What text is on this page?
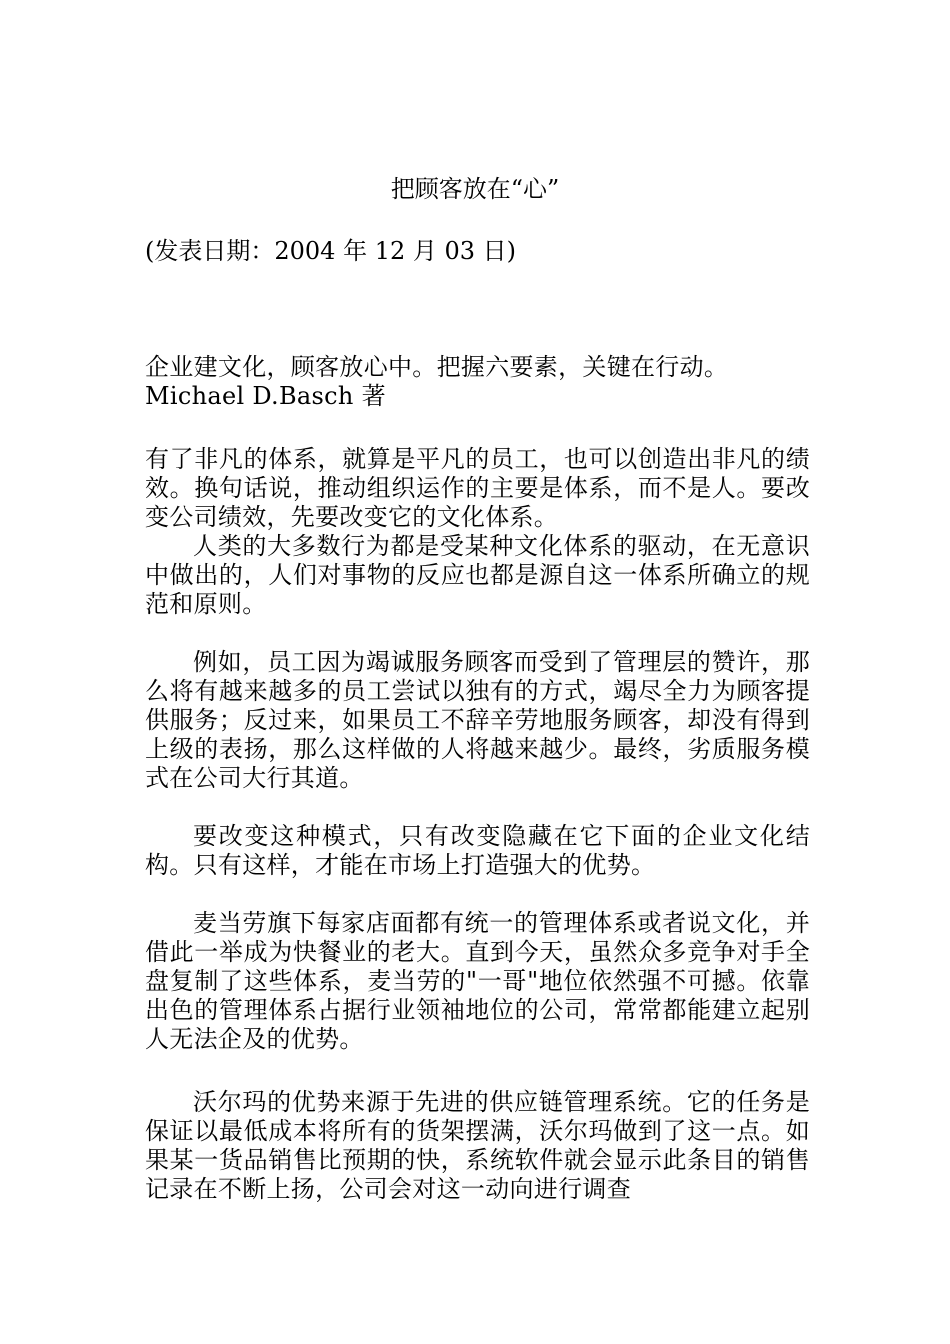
把顾客放在“心”
(发表日期：2004 年 12 月 03 日)

企业建文化，顾客放心中。把握六要素，关键在行动。

Michael D.Basch 著

有了非凡的体系，就算是平凡的员工，也可以创造出非凡的绩效。换句话说，推动组织运作的主要是体系，而不是人。要改变公司绩效，先要改变它的文化体系。

人类的大多数行为都是受某种文化体系的驱动，在无意识中做出的，人们对事物的反应也都是源自这一体系所确立的规范和原则。

例如，员工因为竭诚服务顾客而受到了管理层的赞许，那么将有越来越多的员工尝试以独有的方式，竭尽全力为顾客提供服务；反过来，如果员工不辞辛劳地服务顾客，却没有得到上级的表扬，那么这样做的人将越来越少。最终，劣质服务模式在公司大行其道。

要改变这种模式，只有改变隐藏在它下面的企业文化结构。只有这样，才能在市场上打造强大的优势。

麦当劳旗下每家店面都有统一的管理体系或者说文化，并借此一举成为快餐业的老大。直到今天，虽然众多竞争对手全盘复制了这些体系，麦当劳的"一哥"地位依然强不可撼。依靠出色的管理体系占据行业领袖地位的公司，常常都能建立起别人无法企及的优势。

沃尔玛的优势来源于先进的供应链管理系统。它的任务是保证以最低成本将所有的货架摆满，沃尔玛做到了这一点。如果某一货品销售比预期的快，系统软件就会显示此条目的销售记录在不断上扬，公司会对这一动向进行调查
